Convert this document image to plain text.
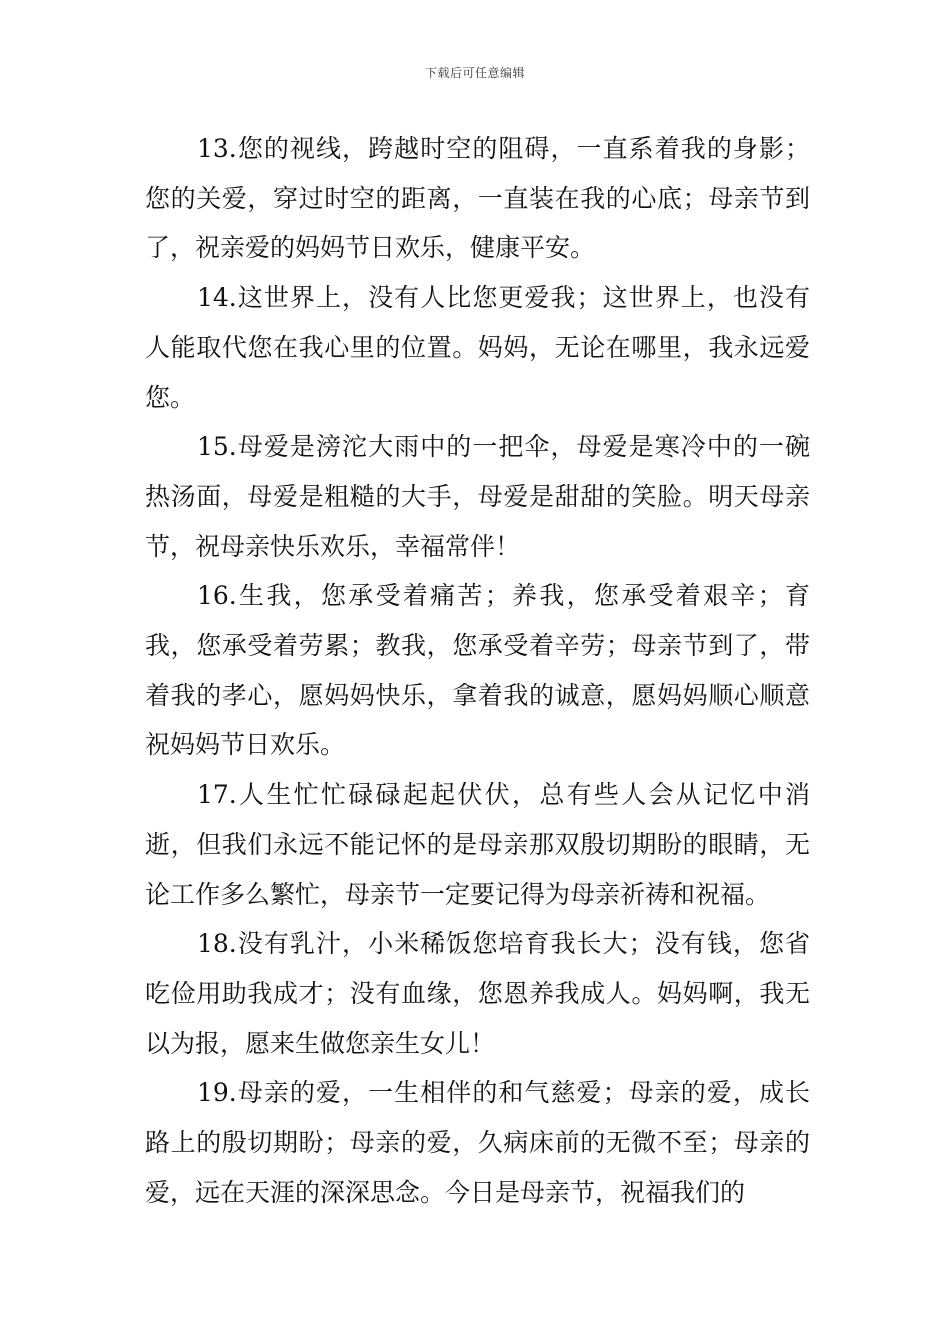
下载后可任意编辑

13.您的视线，跨越时空的阻碍，一直系着我的身影；您的关爱，穿过时空的距离，一直装在我的心底；母亲节到了，祝亲爱的妈妈节日欢乐，健康平安。

14.这世界上，没有人比您更爱我；这世界上，也没有人能取代您在我心里的位置。妈妈，无论在哪里，我永远爱您。

15.母爱是滂沱大雨中的一把伞，母爱是寒冷中的一碗热汤面，母爱是粗糙的大手，母爱是甜甜的笑脸。明天母亲节，祝母亲快乐欢乐，幸福常伴！

16.生我，您承受着痛苦；养我，您承受着艰辛；育我，您承受着劳累；教我，您承受着辛劳；母亲节到了，带着我的孝心，愿妈妈快乐，拿着我的诚意，愿妈妈顺心顺意祝妈妈节日欢乐。

17.人生忙忙碌碌起起伏伏，总有些人会从记忆中消逝，但我们永远不能记怀的是母亲那双殷切期盼的眼睛，无论工作多么繁忙，母亲节一定要记得为母亲祈祷和祝福。

18.没有乳汁，小米稀饭您培育我长大；没有钱，您省吃俭用助我成才；没有血缘，您恩养我成人。妈妈啊，我无以为报，愿来生做您亲生女儿！

19.母亲的爱，一生相伴的和气慈爱；母亲的爱，成长路上的殷切期盼；母亲的爱，久病床前的无微不至；母亲的爱，远在天涯的深深思念。今日是母亲节，祝福我们的
